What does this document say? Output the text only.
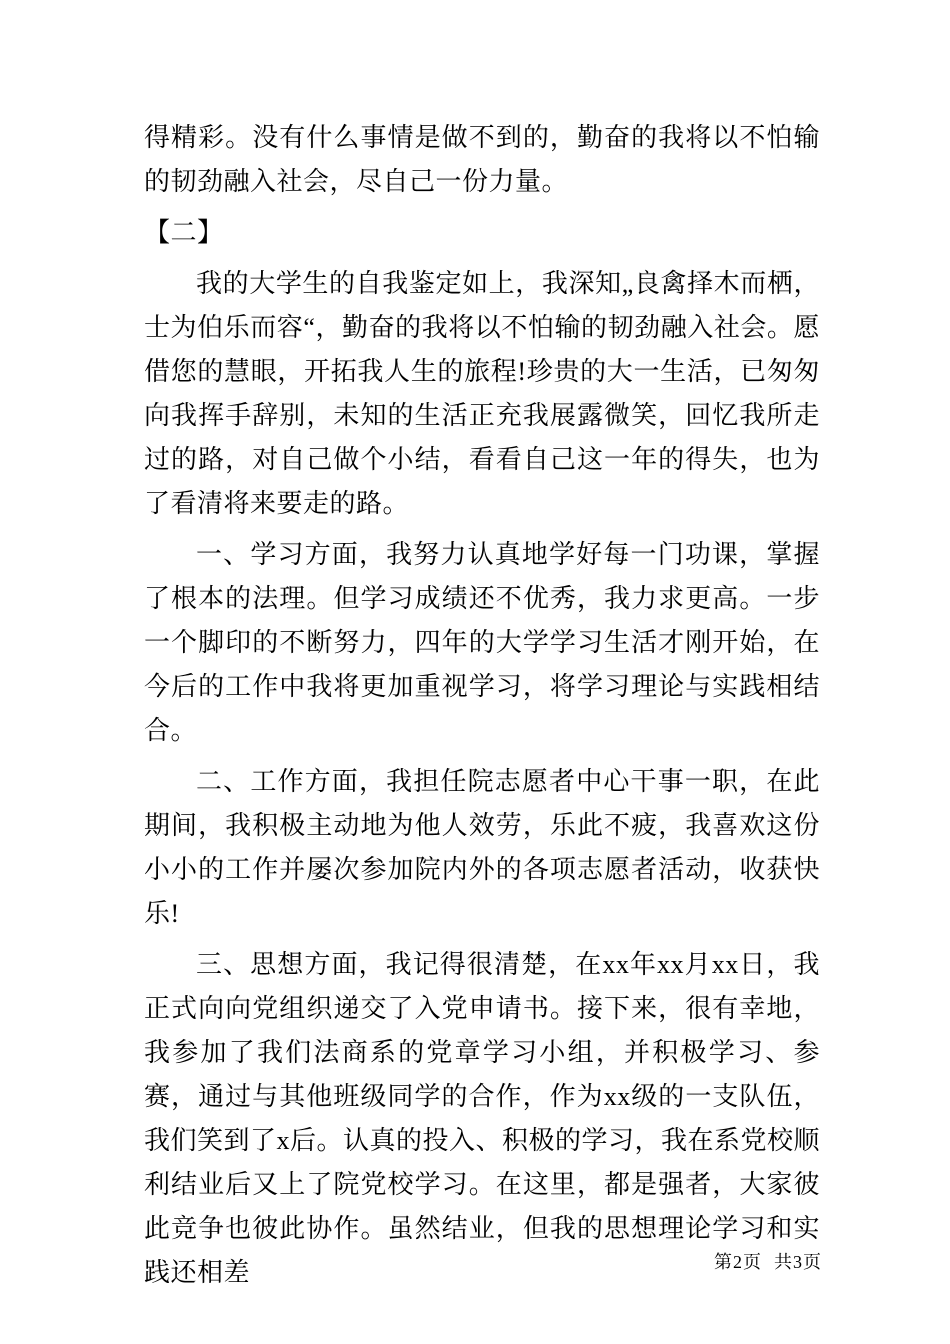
得精彩。没有什么事情是做不到的，勤奋的我将以不怕输的韧劲融入社会，尽自己一份力量。

【二】

我的大学生的自我鉴定如上，我深知„良禽择木而栖，士为伯乐而容“，勤奋的我将以不怕输的韧劲融入社会。愿借您的慧眼，开拓我人生的旅程!珍贵的大一生活，已匆匆向我挥手辞别，未知的生活正充我展露微笑，回忆我所走过的路，对自己做个小结，看看自己这一年的得失，也为了看清将来要走的路。

一、学习方面，我努力认真地学好每一门功课，掌握了根本的法理。但学习成绩还不优秀，我力求更高。一步一个脚印的不断努力，四年的大学学习生活才刚开始，在今后的工作中我将更加重视学习，将学习理论与实践相结合。

二、工作方面，我担任院志愿者中心干事一职，在此期间，我积极主动地为他人效劳，乐此不疲，我喜欢这份小小的工作并屡次参加院内外的各项志愿者活动，收获快乐!

三、思想方面，我记得很清楚，在xx年xx月xx日，我正式向向党组织递交了入党申请书。接下来，很有幸地，我参加了我们法商系的党章学习小组，并积极学习、参赛，通过与其他班级同学的合作，作为xx级的一支队伍，我们笑到了x后。认真的投入、积极的学习，我在系党校顺利结业后又上了院党校学习。在这里，都是强者，大家彼此竞争也彼此协作。虽然结业，但我的思想理论学习和实践还相差	第2页 共3页
